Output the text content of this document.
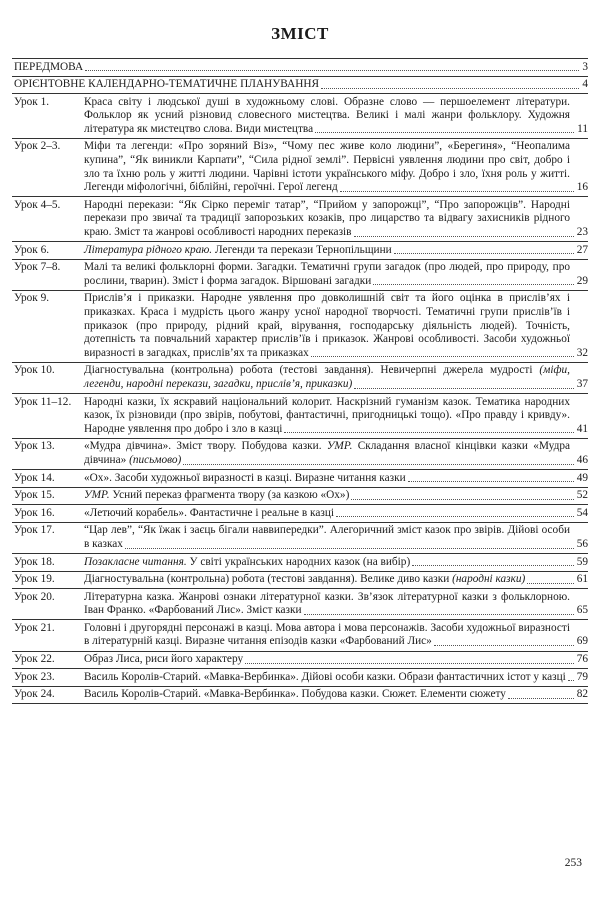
ЗМІСТ
ПЕРЕДМОВА	3
ОРІЄНТОВНЕ КАЛЕНДАРНО-ТЕМАТИЧНЕ ПЛАНУВАННЯ	4
Урок 1.	Краса світу і людської душі в художньому слові. Образне слово — першоелемент літератури. Фольклор як усний різновид словесного мистецтва. Великі і малі жанри фольклору. Художня література як мистецтво слова. Види мистецтва	11
Урок 2–3.	Міфи та легенди: «Про зоряний Віз», “Чому пес живе коло людини”, «Берегиня», “Неопалима купина”, “Як виникли Карпати”, “Сила рідної землі”. Первісні уявлення людини про світ, добро і зло та їхню роль у житті людини. Чарівні істоти українського міфу. Добро і зло, їхня роль у житті. Легенди міфологічні, біблійні, героїчні. Герої легенд	16
Урок 4–5.	Народні перекази: “Як Сірко переміг татар”, “Прийом у запорожці”, “Про запорожців”. Народні перекази про звичаї та традиції запорозьких козаків, про лицарство та відвагу захисників рідного краю. Зміст та жанрові особливості народних переказів	23
Урок 6.	Література рідного краю. Легенди та перекази Тернопільщини	27
Урок 7–8.	Малі та великі фольклорні форми. Загадки. Тематичні групи загадок (про людей, про природу, про рослини, тварин). Зміст і форма загадок. Віршовані загадки	29
Урок 9.	Прислів’я і приказки. Народне уявлення про довколишній світ та його оцінка в прислів’ях і приказках. Краса і мудрість цього жанру усної народної творчості. Тематичні групи прислів’їв і приказок (про природу, рідний край, вірування, господарську діяльність людей). Точність, дотепність та повчальний характер прислів’їв і приказок. Жанрові особливості. Засоби художньої виразності в загадках, прислів’ях та приказках	32
Урок 10.	Діагностувальна (контрольна) робота (тестові завдання). Невичерпні джерела мудрості (міфи, легенди, народні перекази, загадки, прислів’я, приказки)	37
Урок 11–12.	Народні казки, їх яскравий національний колорит. Наскрізний гуманізм казок. Тематика народних казок, їх різновиди (про звірів, побутові, фантастичні, пригодницькі тощо). «Про правду і кривду». Народне уявлення про добро і зло в казці	41
Урок 13.	«Мудра дівчина». Зміст твору. Побудова казки. УМР. Складання власної кінцівки казки «Мудра дівчина» (письмово)	46
Урок 14.	«Ох». Засоби художньої виразності в казці. Виразне читання казки	49
Урок 15.	УМР. Усний переказ фрагмента твору (за казкою «Ох»)	52
Урок 16.	«Летючий корабель». Фантастичне і реальне в казці	54
Урок 17.	“Цар лев”, “Як їжак і заєць бігали наввипередки”. Алегоричний зміст казок про звірів. Дійові особи в казках	56
Урок 18.	Позакласне читання. У світі українських народних казок (на вибір)	59
Урок 19.	Діагностувальна (контрольна) робота (тестові завдання). Велике диво казки (народні казки)	61
Урок 20.	Літературна казка. Жанрові ознаки літературної казки. Зв’язок літературної казки з фольклорною. Іван Франко. «Фарбований Лис». Зміст казки	65
Урок 21.	Головні і другорядні персонажі в казці. Мова автора і мова персонажів. Засоби художньої виразності в літературній казці. Виразне читання епізодів казки «Фарбований Лис»	69
Урок 22.	Образ Лиса, риси його характеру	76
Урок 23.	Василь Королів-Старий. «Мавка-Вербинка». Дійові особи казки. Образи фантастичних істот у казці 79
Урок 24.	Василь Королів-Старий. «Мавка-Вербинка». Побудова казки. Сюжет. Елементи сюжету	82
253
